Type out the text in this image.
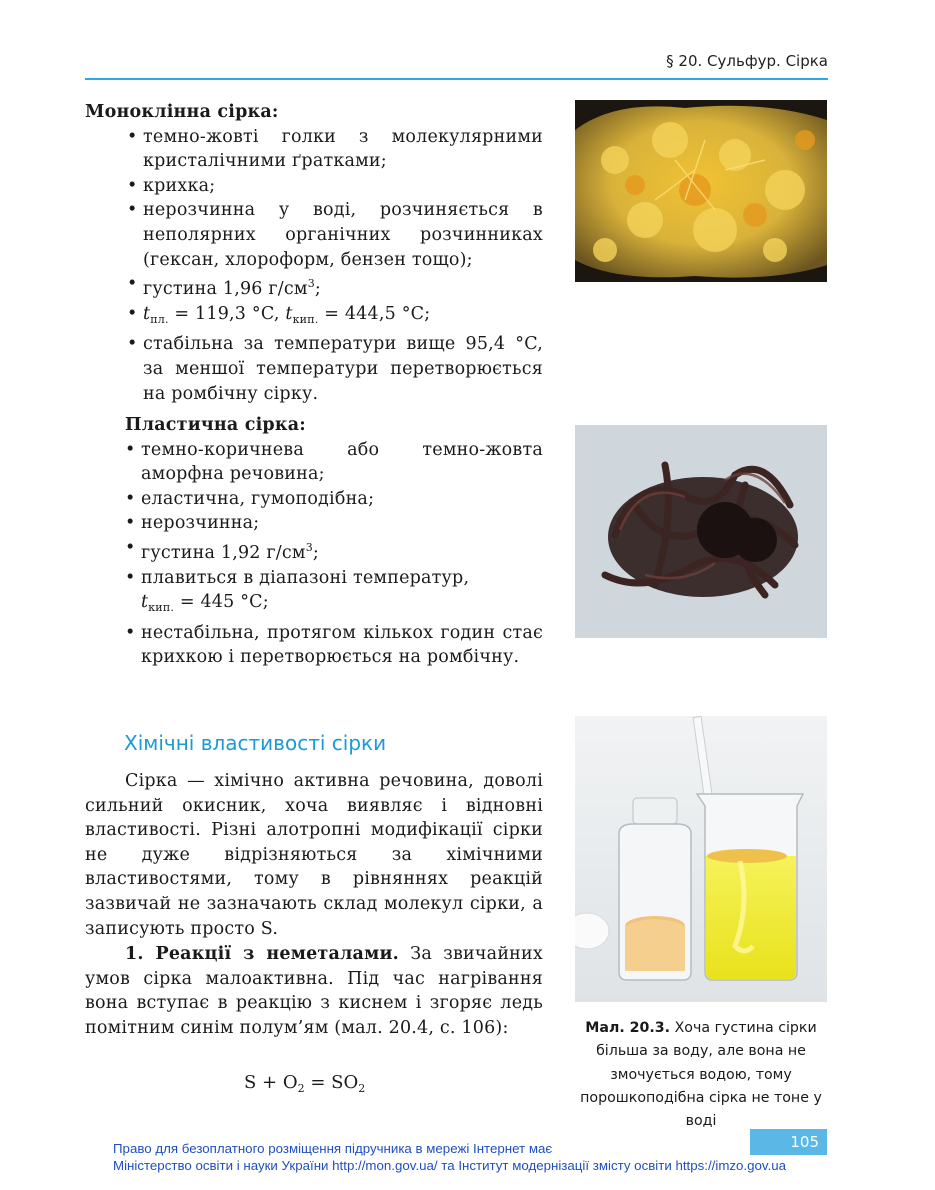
§ 20. Сульфур. Сірка
Моноклінна сірка:
• темно-жовті голки з молекулярними кристалічними ґратками;
• крихка;
• нерозчинна у воді, розчиняється в неполярних органічних розчинниках (гексан, хлороформ, бензен тощо);
• густина 1,96 $г/см^3$;
• $t_{пл.} = 119,3$ °C, $t_{кип.} = 444,5$ °C;
• стабільна за температури вище 95,4 °C, за меншої температури перетворюється на ромбічну сірку.
Пластична сірка:
• темно-коричнева або темно-жовта аморфна речовина;
• еластична, гумоподібна;
• нерозчинна;
• густина 1,92 $г/см^3$;
• плавиться в діапазоні температур,
$t_{кип.} = 445$ °C;
• нестабільна, протягом кількох годин стає крихкою і перетворюється на ромбічну.
Хімічні властивості сірки
Сірка — хімічно активна речовина, доволі сильний окисник, хоча виявляє і відновні властивості. Різні алотропні модифікації сірки не дуже відрізняються за хімічними властивостями, тому в рівняннях реакцій зазвичай не зазначають склад молекул сірки, а записують просто S.
1. Реакції з неметалами. За звичайних умов сірка малоактивна. Під час нагрівання вона вступає в реакцію з киснем і згоряє ледь помітним синім полум’ям (мал. 20.4, с. 106):
$S + O_2 = SO_2$
Мал. 20.3. Хоча густина сірки більша за воду, але вона не змочується водою, тому порошкоподібна сірка не тоне у воді
105
Право для безоплатного розміщення підручника в мережі Інтернет має
Міністерство освіти і науки України http://mon.gov.ua/ та Інститут модернізації змісту освіти https://imzo.gov.ua
